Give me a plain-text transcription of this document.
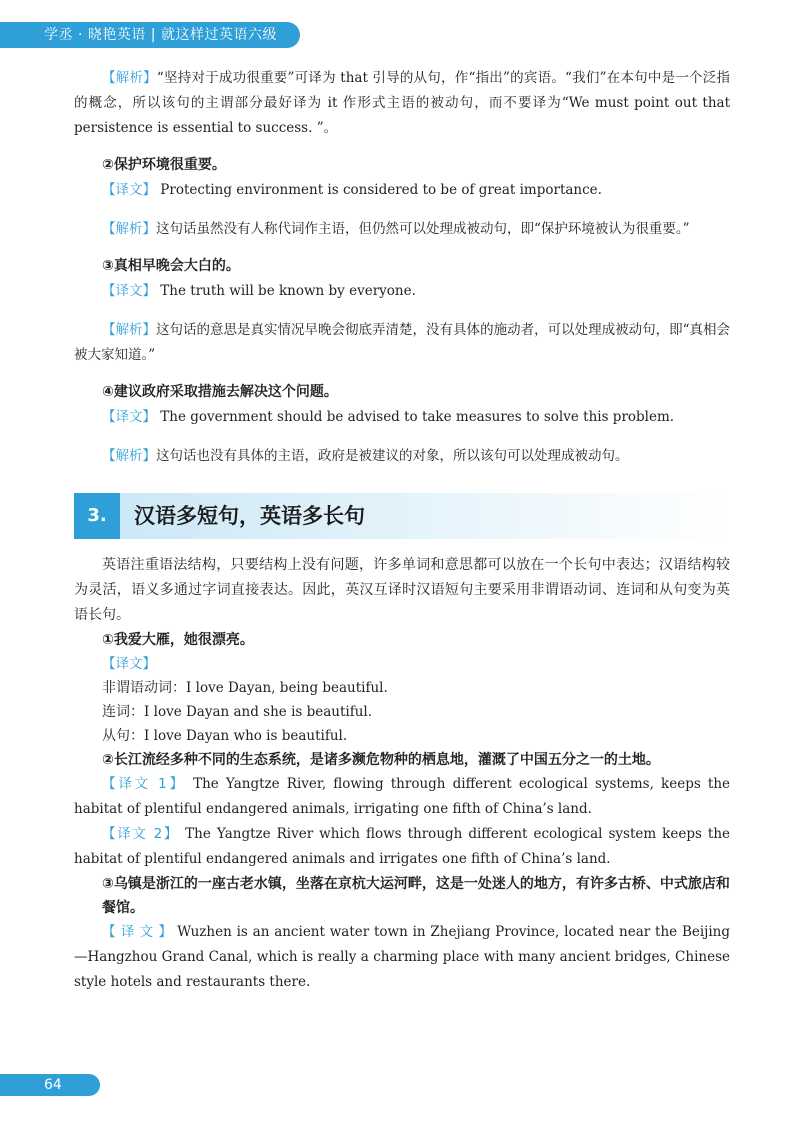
学丞 · 晓艳英语 | 就这样过英语六级

【解析】“坚持对于成功很重要”可译为 that 引导的从句，作“指出”的宾语。“我们”在本句中是一个泛指的概念，所以该句的主谓部分最好译为 it 作形式主语的被动句，而不要译为“We must point out that persistence is essential to success. ”。

②保护环境很重要。

【译文】 Protecting environment is considered to be of great importance.

【解析】这句话虽然没有人称代词作主语，但仍然可以处理成被动句，即“保护环境被认为很重要。”

③真相早晚会大白的。

【译文】 The truth will be known by everyone.

【解析】这句话的意思是真实情况早晚会彻底弄清楚，没有具体的施动者，可以处理成被动句，即“真相会被大家知道。”

④建议政府采取措施去解决这个问题。

【译文】 The government should be advised to take measures to solve this problem.

【解析】这句话也没有具体的主语，政府是被建议的对象，所以该句可以处理成被动句。

3.	汉语多短句，英语多长句

英语注重语法结构，只要结构上没有问题，许多单词和意思都可以放在一个长句中表达；汉语结构较为灵活，语义多通过字词直接表达。因此，英汉互译时汉语短句主要采用非谓语动词、连词和从句变为英语长句。

①我爱大雁，她很漂亮。

【译文】

非谓语动词：I love Dayan, being beautiful.

连词：I love Dayan and she is beautiful.

从句：I love Dayan who is beautiful.

②长江流经多种不同的生态系统，是诸多濒危物种的栖息地，灌溉了中国五分之一的土地。

【译文 1】 The Yangtze River, flowing through different ecological systems, keeps the habitat of plentiful endangered animals, irrigating one fifth of China’s land.

【译文 2】 The Yangtze River which flows through different ecological system keeps the habitat of plentiful endangered animals and irrigates one fifth of China’s land.

③乌镇是浙江的一座古老水镇，坐落在京杭大运河畔，这是一处迷人的地方，有许多古桥、中式旅店和餐馆。

【 译 文 】 Wuzhen is an ancient water town in Zhejiang Province, located near the Beijing—Hangzhou Grand Canal, which is really a charming place with many ancient bridges, Chinese style hotels and restaurants there.

64
